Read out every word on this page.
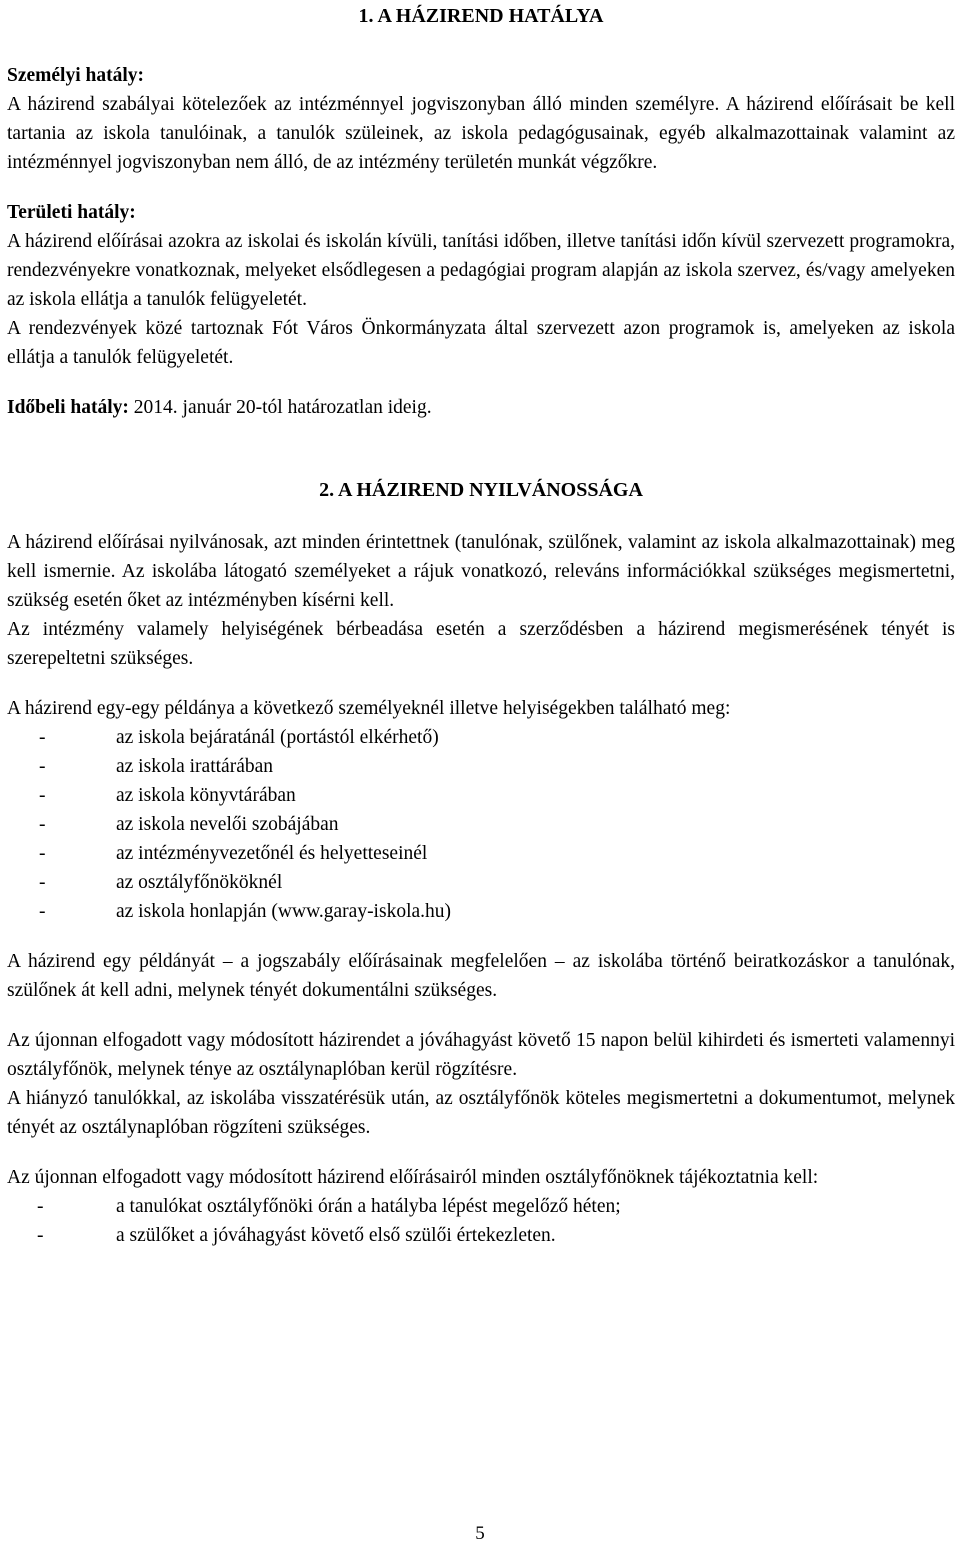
1. A HÁZIREND HATÁLYA
Személyi hatály:

A házirend szabályai kötelezőek az intézménnyel jogviszonyban álló minden személyre. A házirend előírásait be kell tartania az iskola tanulóinak, a tanulók szüleinek, az iskola pedagógusainak, egyéb alkalmazottainak valamint az intézménnyel jogviszonyban nem álló, de az intézmény területén munkát végzőkre.

Területi hatály:

A házirend előírásai azokra az iskolai és iskolán kívüli, tanítási időben, illetve tanítási időn kívül szervezett programokra, rendezvényekre vonatkoznak, melyeket elsődlegesen a pedagógiai program alapján az iskola szervez, és/vagy amelyeken az iskola ellátja a tanulók felügyeletét.

A rendezvények közé tartoznak Fót Város Önkormányzata által szervezett azon programok is, amelyeken az iskola ellátja a tanulók felügyeletét.

Időbeli hatály: 2014. január 20-tól határozatlan ideig.

2. A HÁZIREND NYILVÁNOSSÁGA

A házirend előírásai nyilvánosak, azt minden érintettnek (tanulónak, szülőnek, valamint az iskola alkalmazottainak) meg kell ismernie. Az iskolába látogató személyeket a rájuk vonatkozó, releváns információkkal szükséges megismertetni, szükség esetén őket az intézményben kísérni kell.

Az intézmény valamely helyiségének bérbeadása esetén a szerződésben a házirend megismerésének tényét is szerepeltetni szükséges.

A házirend egy-egy példánya a következő személyeknél illetve helyiségekben található meg:

-	az iskola bejáratánál (portástól elkérhető)
-	az iskola irattárában
-	az iskola könyvtárában
-	az iskola nevelői szobájában
-	az intézményvezetőnél és helyetteseinél
-	az osztályfőnököknél
-	az iskola honlapján (www.garay-iskola.hu)

A házirend egy példányát – a jogszabály előírásainak megfelelően – az iskolába történő beiratkozáskor a tanulónak, szülőnek át kell adni, melynek tényét dokumentálni szükséges.

Az újonnan elfogadott vagy módosított házirendet a jóváhagyást követő 15 napon belül kihirdeti és ismerteti valamennyi osztályfőnök, melynek ténye az osztálynaplóban kerül rögzítésre.

A hiányzó tanulókkal, az iskolába visszatérésük után, az osztályfőnök köteles megismertetni a dokumentumot, melynek tényét az osztálynaplóban rögzíteni szükséges.

Az újonnan elfogadott vagy módosított házirend előírásairól minden osztályfőnöknek tájékoztatnia kell:

-	a tanulókat osztályfőnöki órán a hatályba lépést megelőző héten;
-	a szülőket a jóváhagyást követő első szülői értekezleten.
5
